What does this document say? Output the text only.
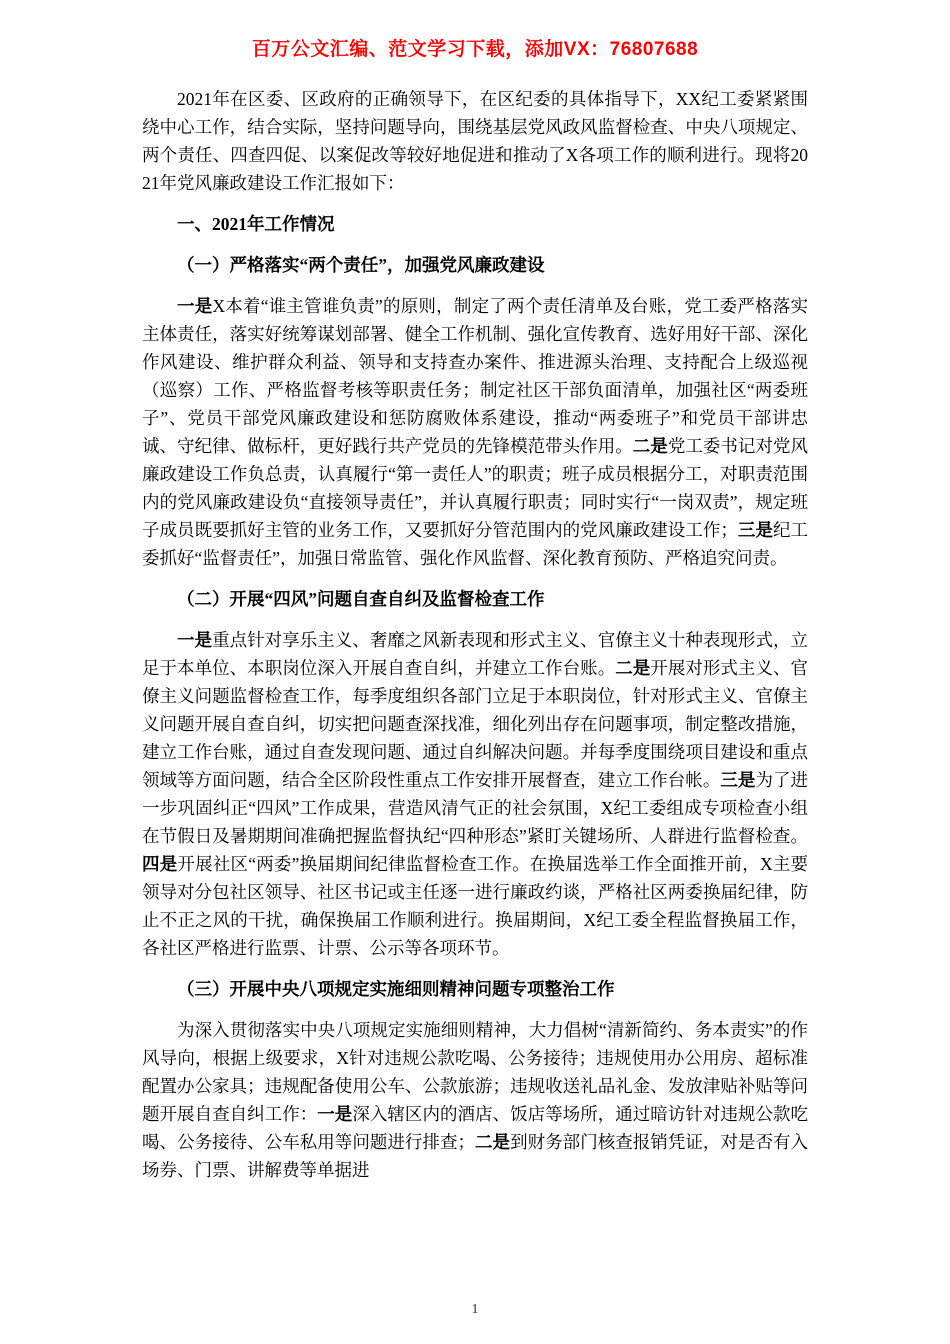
百万公文汇编、范文学习下载，添加VX：76807688

2021年在区委、区政府的正确领导下，在区纪委的具体指导下，XX纪工委紧紧围绕中心工作，结合实际，坚持问题导向，围绕基层党风政风监督检查、中央八项规定、两个责任、四查四促、以案促改等较好地促进和推动了X各项工作的顺利进行。现将2021年党风廉政建设工作汇报如下：

一、2021年工作情况

（一）严格落实“两个责任”，加强党风廉政建设

一是X本着“谁主管谁负责”的原则，制定了两个责任清单及台账，党工委严格落实主体责任，落实好统筹谋划部署、健全工作机制、强化宣传教育、选好用好干部、深化作风建设、维护群众利益、领导和支持查办案件、推进源头治理、支持配合上级巡视（巡察）工作、严格监督考核等职责任务；制定社区干部负面清单，加强社区“两委班子”、党员干部党风廉政建设和惩防腐败体系建设，推动“两委班子”和党员干部讲忠诚、守纪律、做标杆，更好践行共产党员的先锋模范带头作用。二是党工委书记对党风廉政建设工作负总责，认真履行“第一责任人”的职责；班子成员根据分工，对职责范围内的党风廉政建设负“直接领导责任”，并认真履行职责；同时实行“一岗双责”，规定班子成员既要抓好主管的业务工作，又要抓好分管范围内的党风廉政建设工作；三是纪工委抓好“监督责任”，加强日常监管、强化作风监督、深化教育预防、严格追究问责。

（二）开展“四风”问题自查自纠及监督检查工作

一是重点针对享乐主义、奢靡之风新表现和形式主义、官僚主义十种表现形式，立足于本单位、本职岗位深入开展自查自纠，并建立工作台账。二是开展对形式主义、官僚主义问题监督检查工作，每季度组织各部门立足于本职岗位，针对形式主义、官僚主义问题开展自查自纠，切实把问题查深找准，细化列出存在问题事项，制定整改措施，建立工作台账，通过自查发现问题、通过自纠解决问题。并每季度围绕项目建设和重点领域等方面问题，结合全区阶段性重点工作安排开展督查，建立工作台帐。三是为了进一步巩固纠正“四风”工作成果，营造风清气正的社会氛围，X纪工委组成专项检查小组在节假日及暑期期间准确把握监督执纪“四种形态”紧盯关键场所、人群进行监督检查。四是开展社区“两委”换届期间纪律监督检查工作。在换届选举工作全面推开前，X主要领导对分包社区领导、社区书记或主任逐一进行廉政约谈，严格社区两委换届纪律，防止不正之风的干扰，确保换届工作顺利进行。换届期间，X纪工委全程监督换届工作，各社区严格进行监票、计票、公示等各项环节。

（三）开展中央八项规定实施细则精神问题专项整治工作

为深入贯彻落实中央八项规定实施细则精神，大力倡树“清新简约、务本责实”的作风导向，根据上级要求，X针对违规公款吃喝、公务接待；违规使用办公用房、超标准配置办公家具；违规配备使用公车、公款旅游；违规收送礼品礼金、发放津贴补贴等问题开展自查自纠工作：一是深入辖区内的酒店、饭店等场所，通过暗访针对违规公款吃喝、公务接待、公车私用等问题进行排查；二是到财务部门核查报销凭证，对是否有入场券、门票、讲解费等单据进

1
